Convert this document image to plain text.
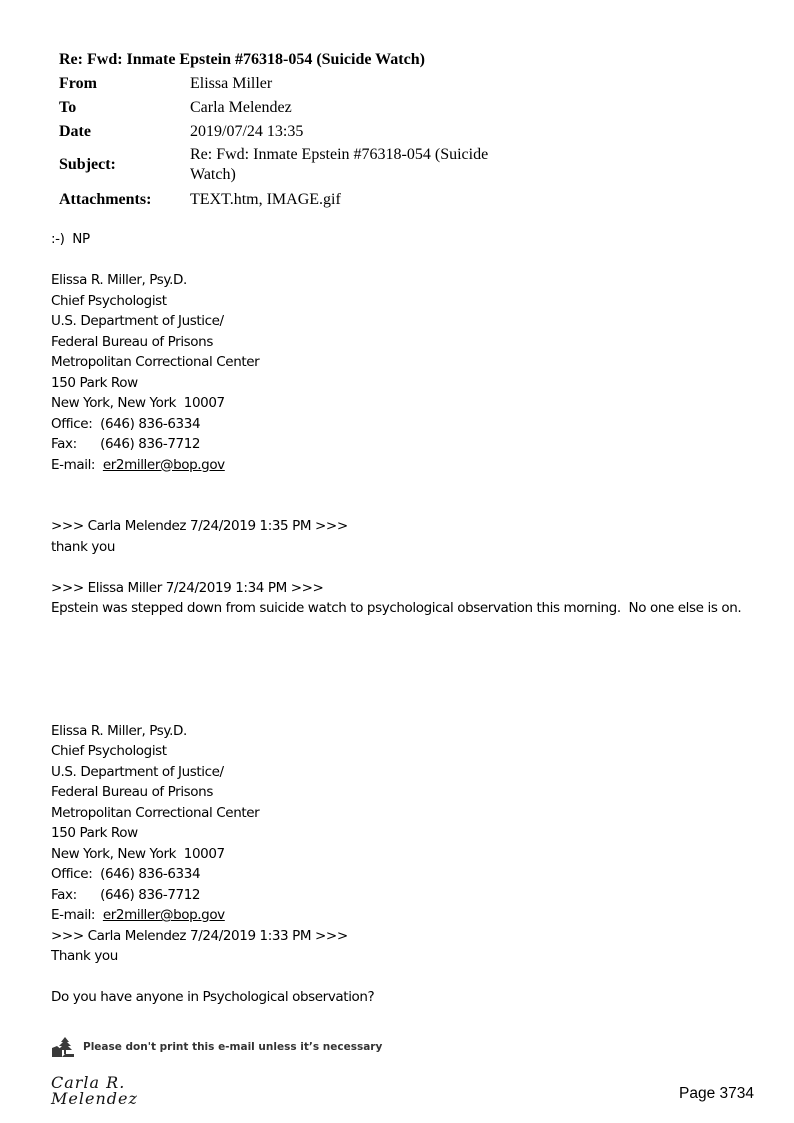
Re: Fwd: Inmate Epstein #76318-054 (Suicide Watch)
From	Elissa Miller
To	Carla Melendez
Date	2019/07/24 13:35
Subject:
Re: Fwd: Inmate Epstein #76318-054 (Suicide Watch)
Attachments:	TEXT.htm, IMAGE.gif
:-)  NP
Elissa R. Miller, Psy.D.
Chief Psychologist
U.S. Department of Justice/
Federal Bureau of Prisons
Metropolitan Correctional Center
150 Park Row
New York, New York  10007
Office:  (646) 836-6334
Fax:      (646) 836-7712
E-mail:  er2miller@bop.gov
>>> Carla Melendez 7/24/2019 1:35 PM >>>
thank you
>>> Elissa Miller 7/24/2019 1:34 PM >>>
Epstein was stepped down from suicide watch to psychological observation this morning.  No one else is on.
Elissa R. Miller, Psy.D.
Chief Psychologist
U.S. Department of Justice/
Federal Bureau of Prisons
Metropolitan Correctional Center
150 Park Row
New York, New York  10007
Office:  (646) 836-6334
Fax:      (646) 836-7712
E-mail:  er2miller@bop.gov
>>> Carla Melendez 7/24/2019 1:33 PM >>>
Thank you
Do you have anyone in Psychological observation?
Please don't print this e-mail unless it’s necessary
Carla R. Melendez	Page 3734
